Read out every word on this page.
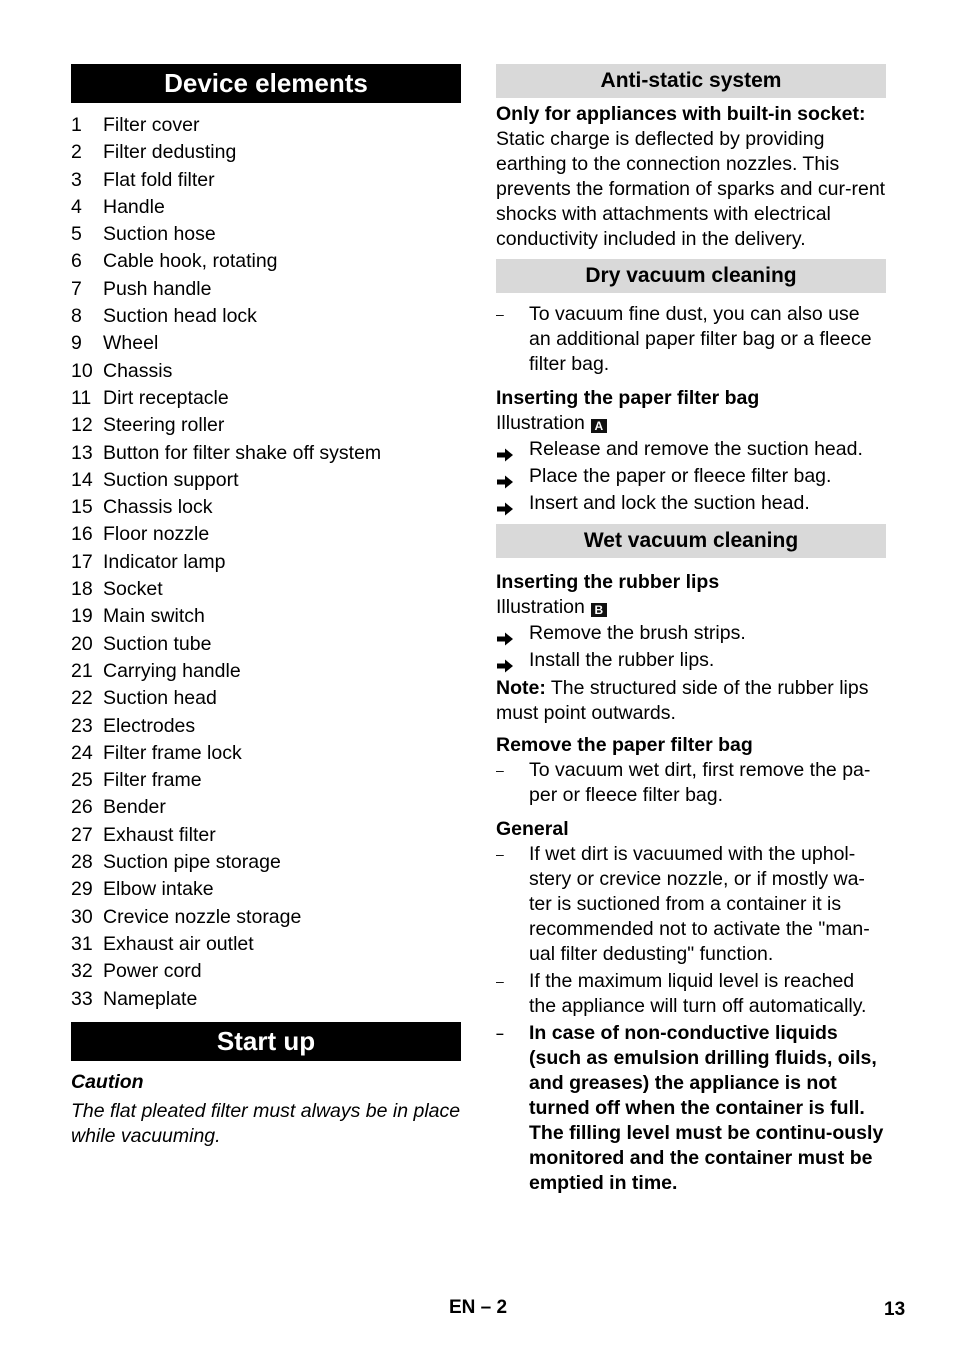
Device elements
1 Filter cover
2 Filter dedusting
3 Flat fold filter
4 Handle
5 Suction hose
6 Cable hook, rotating
7 Push handle
8 Suction head lock
9 Wheel
10 Chassis
11 Dirt receptacle
12 Steering roller
13 Button for filter shake off system
14 Suction support
15 Chassis lock
16 Floor nozzle
17 Indicator lamp
18 Socket
19 Main switch
20 Suction tube
21 Carrying handle
22 Suction head
23 Electrodes
24 Filter frame lock
25 Filter frame
26 Bender
27 Exhaust filter
28 Suction pipe storage
29 Elbow intake
30 Crevice nozzle storage
31 Exhaust air outlet
32 Power cord
33 Nameplate
Start up
Caution
The flat pleated filter must always be in place while vacuuming.
Anti-static system
Only for appliances with built-in socket:
Static charge is deflected by providing earthing to the connection nozzles. This prevents the formation of sparks and cur-rent shocks with attachments with electrical conductivity included in the delivery.
Dry vacuum cleaning
–	To vacuum fine dust, you can also use an additional paper filter bag or a fleece filter bag.
Inserting the paper filter bag
Illustration A
Release and remove the suction head.
Place the paper or fleece filter bag.
Insert and lock the suction head.
Wet vacuum cleaning
Inserting the rubber lips
Illustration B
Remove the brush strips.
Install the rubber lips.
Note: The structured side of the rubber lips must point outwards.
Remove the paper filter bag
–	To vacuum wet dirt, first remove the pa-per or fleece filter bag.
General
–	If wet dirt is vacuumed with the uphol-stery or crevice nozzle, or if mostly wa-ter is suctioned from a container it is recommended not to activate the "man-ual filter dedusting" function.
–	If the maximum liquid level is reached the appliance will turn off automatically.
–	In case of non-conductive liquids (such as emulsion drilling fluids, oils, and greases) the appliance is not turned off when the container is full. The filling level must be continu-ously monitored and the container must be emptied in time.
EN – 2	13
